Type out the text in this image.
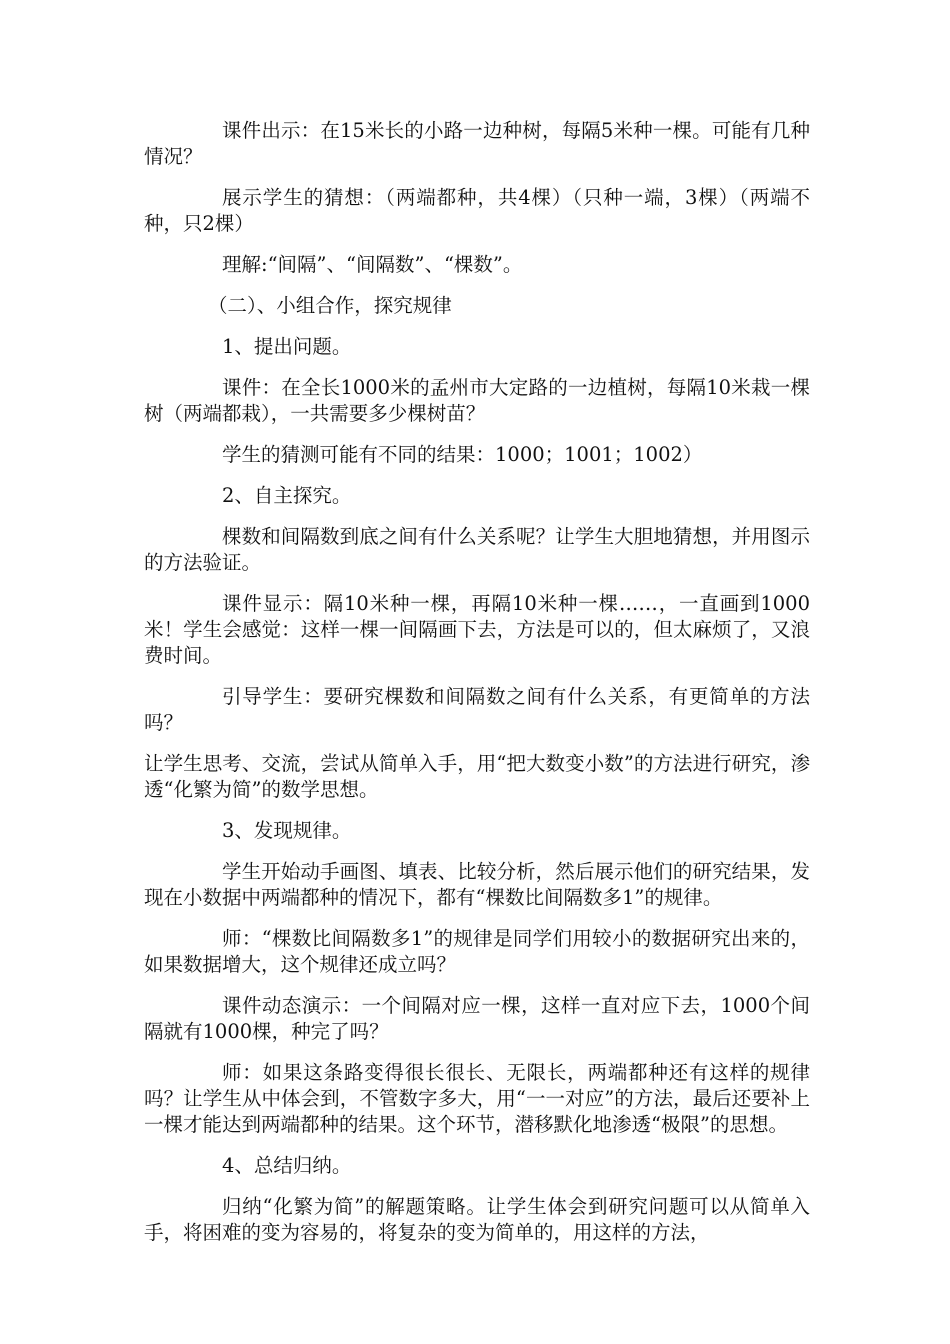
课件出示：在15米长的小路一边种树，每隔5米种一棵。可能有几种情况？

展示学生的猜想：（两端都种，共4棵）（只种一端，3棵）（两端不种，只2棵）

理解:“间隔”、“间隔数”、“棵数”。

（二）、小组合作，探究规律

1、提出问题。

课件：在全长1000米的孟州市大定路的一边植树，每隔10米栽一棵树（两端都栽），一共需要多少棵树苗？

学生的猜测可能有不同的结果：1000；1001；1002）

2、自主探究。

棵数和间隔数到底之间有什么关系呢？让学生大胆地猜想，并用图示的方法验证。

课件显示：隔10米种一棵，再隔10米种一棵……，一直画到1000米！学生会感觉：这样一棵一间隔画下去，方法是可以的，但太麻烦了，又浪费时间。

引导学生：要研究棵数和间隔数之间有什么关系，有更简单的方法吗？

让学生思考、交流，尝试从简单入手，用“把大数变小数”的方法进行研究，渗透“化繁为简”的数学思想。

3、发现规律。

学生开始动手画图、填表、比较分析，然后展示他们的研究结果，发现在小数据中两端都种的情况下，都有“棵数比间隔数多1”的规律。

师：“棵数比间隔数多1”的规律是同学们用较小的数据研究出来的，如果数据增大，这个规律还成立吗？

课件动态演示：一个间隔对应一棵，这样一直对应下去，1000个间隔就有1000棵，种完了吗？

师：如果这条路变得很长很长、无限长，两端都种还有这样的规律吗？让学生从中体会到，不管数字多大，用“一一对应”的方法，最后还要补上一棵才能达到两端都种的结果。这个环节，潜移默化地渗透“极限”的思想。

4、总结归纳。

归纳“化繁为简”的解题策略。让学生体会到研究问题可以从简单入手，将困难的变为容易的，将复杂的变为简单的，用这样的方法，
